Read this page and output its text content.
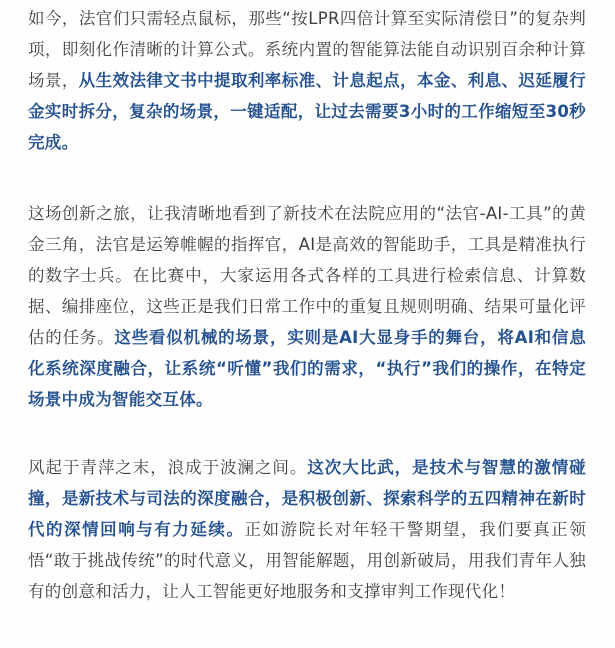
如今，法官们只需轻点鼠标，那些“按LPR四倍计算至实际清偿日”的复杂判项，即刻化作清晰的计算公式。系统内置的智能算法能自动识别百余种计算场景，从生效法律文书中提取利率标准、计息起点，本金、利息、迟延履行金实时拆分，复杂的场景，一键适配，让过去需要3小时的工作缩短至30秒完成。

这场创新之旅，让我清晰地看到了新技术在法院应用的“法官-AI-工具”的黄金三角，法官是运筹帷幄的指挥官，AI是高效的智能助手，工具是精准执行的数字士兵。在比赛中，大家运用各式各样的工具进行检索信息、计算数据、编排座位，这些正是我们日常工作中的重复且规则明确、结果可量化评估的任务。这些看似机械的场景，实则是AI大显身手的舞台，将AI和信息化系统深度融合，让系统“听懂”我们的需求，“执行”我们的操作，在特定场景中成为智能交互体。

风起于青萍之末，浪成于波澜之间。这次大比武，是技术与智慧的激情碰撞，是新技术与司法的深度融合，是积极创新、探索科学的五四精神在新时代的深情回响与有力延续。正如游院长对年轻干警期望，我们要真正领悟“敢于挑战传统”的时代意义，用智能解题，用创新破局，用我们青年人独有的创意和活力，让人工智能更好地服务和支撑审判工作现代化！
